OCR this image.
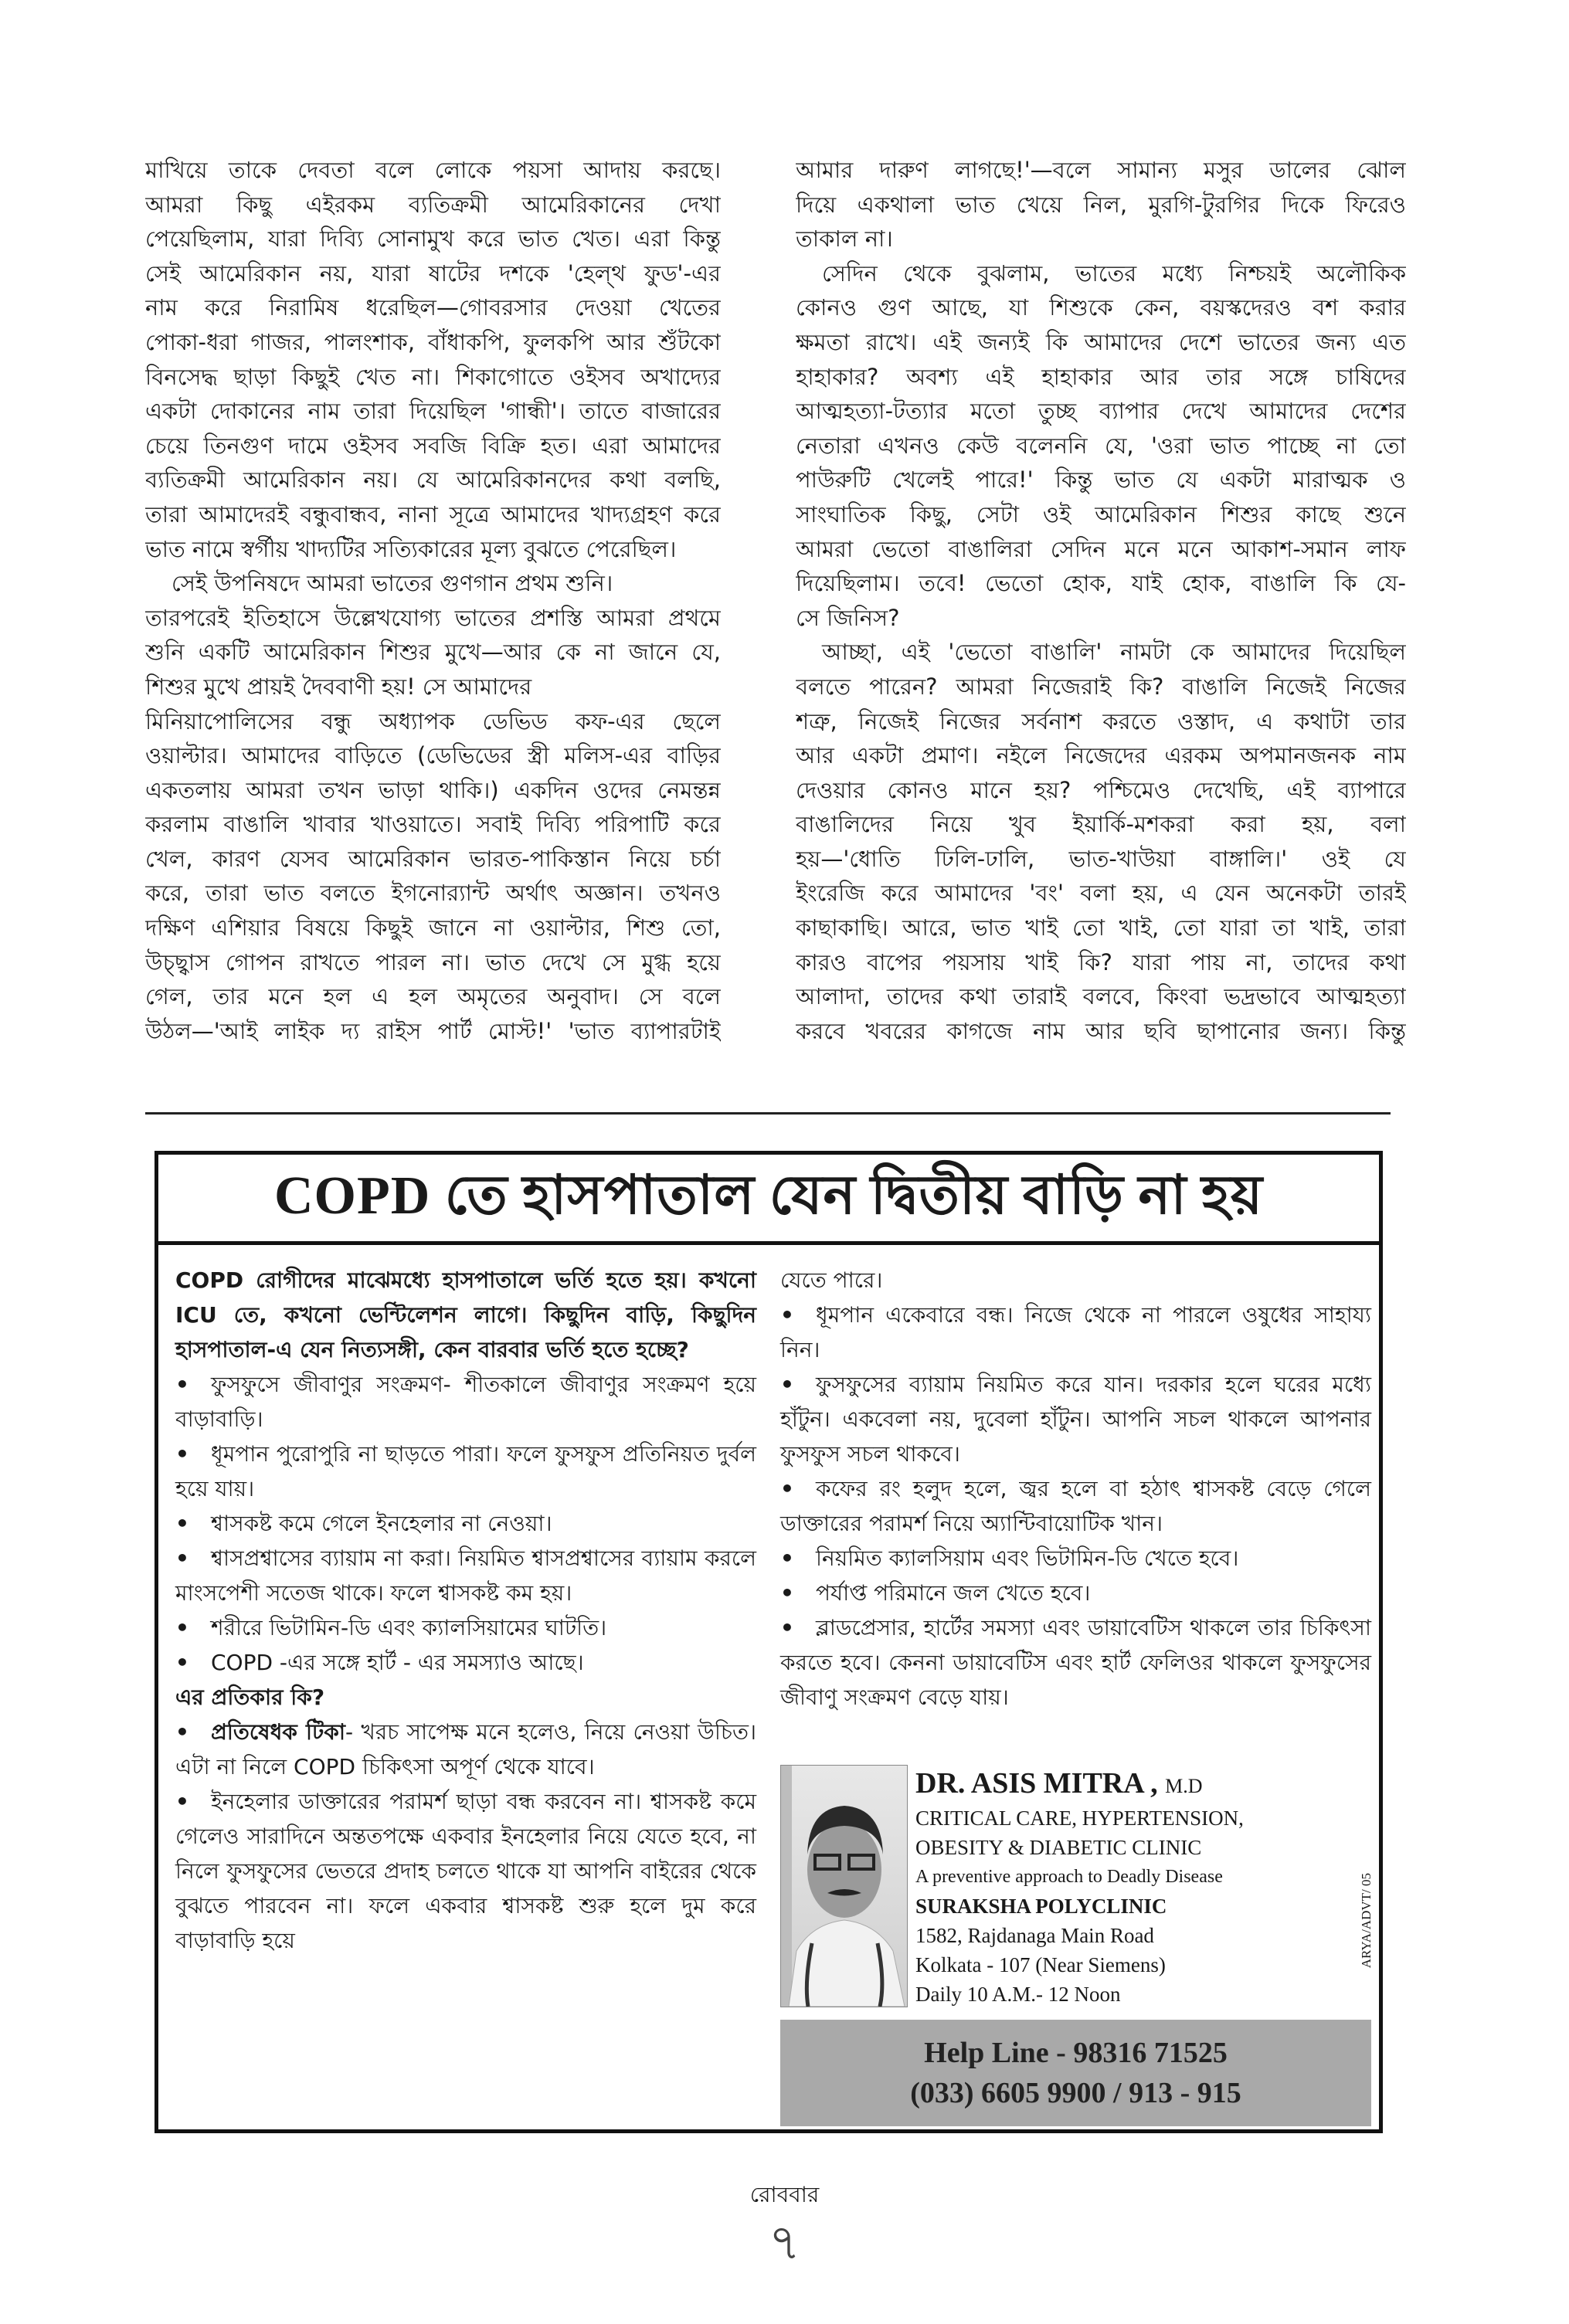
মাখিয়ে তাকে দেবতা বলে লোকে পয়সা আদায় করছে।
আমরা কিছু এইরকম ব্যতিক্রমী আমেরিকানের দেখা
পেয়েছিলাম, যারা দিব্যি সোনামুখ করে ভাত খেত। এরা কিন্তু
সেই আমেরিকান নয়, যারা ষাটের দশকে 'হেল্‌থ ফুড'-এর
নাম করে নিরামিষ ধরেছিল—গোবরসার দেওয়া খেতের
পোকা-ধরা গাজর, পালংশাক, বাঁধাকপি, ফুলকপি আর শুঁটকো
বিনসেদ্ধ ছাড়া কিছুই খেত না। শিকাগোতে ওইসব অখাদ্যের
একটা দোকানের নাম তারা দিয়েছিল 'গান্ধী'। তাতে বাজারের
চেয়ে তিনগুণ দামে ওইসব সবজি বিক্রি হত। এরা আমাদের
ব্যতিক্রমী আমেরিকান নয়। যে আমেরিকানদের কথা বলছি,
তারা আমাদেরই বন্ধুবান্ধব, নানা সূত্রে আমাদের খাদ্যগ্রহণ করে
ভাত নামে স্বর্গীয় খাদ্যটির সত্যিকারের মূল্য বুঝতে পেরেছিল।
সেই উপনিষদে আমরা ভাতের গুণগান প্রথম শুনি।
তারপরেই ইতিহাসে উল্লেখযোগ্য ভাতের প্রশস্তি আমরা প্রথমে
শুনি একটি আমেরিকান শিশুর মুখে—আর কে না জানে যে,
শিশুর মুখে প্রায়ই দৈববাণী হয়! সে আমাদের
মিনিয়াপোলিসের বন্ধু অধ্যাপক ডেভিড কফ-এর ছেলে
ওয়াল্টার। আমাদের বাড়িতে (ডেভিডের স্ত্রী মলিস-এর বাড়ির
একতলায় আমরা তখন ভাড়া থাকি।) একদিন ওদের নেমন্তন্ন
করলাম বাঙালি খাবার খাওয়াতে। সবাই দিব্যি পরিপাটি করে
খেল, কারণ যেসব আমেরিকান ভারত-পাকিস্তান নিয়ে চর্চা
করে, তারা ভাত বলতে ইগনোর‍্যান্ট অর্থাৎ অজ্ঞান। তখনও
দক্ষিণ এশিয়ার বিষয়ে কিছুই জানে না ওয়াল্টার, শিশু তো,
উচ্ছ্বাস গোপন রাখতে পারল না। ভাত দেখে সে মুগ্ধ হয়ে
গেল, তার মনে হল এ হল অমৃতের অনুবাদ। সে বলে
উঠল—'আই লাইক দ্য রাইস পার্ট মোস্ট!' 'ভাত ব্যাপারটাই
আমার দারুণ লাগছে!'—বলে সামান্য মসুর ডালের ঝোল
দিয়ে একথালা ভাত খেয়ে নিল, মুরগি-টুরগির দিকে ফিরেও
তাকাল না।
সেদিন থেকে বুঝলাম, ভাতের মধ্যে নিশ্চয়ই অলৌকিক
কোনও গুণ আছে, যা শিশুকে কেন, বয়স্কদেরও বশ করার
ক্ষমতা রাখে। এই জন্যই কি আমাদের দেশে ভাতের জন্য এত
হাহাকার? অবশ্য এই হাহাকার আর তার সঙ্গে চাষিদের
আত্মহত্যা-টত্যার মতো তুচ্ছ ব্যাপার দেখে আমাদের দেশের
নেতারা এখনও কেউ বলেননি যে, 'ওরা ভাত পাচ্ছে না তো
পাউরুটি খেলেই পারে!' কিন্তু ভাত যে একটা মারাত্মক ও
সাংঘাতিক কিছু, সেটা ওই আমেরিকান শিশুর কাছে শুনে
আমরা ভেতো বাঙালিরা সেদিন মনে মনে আকাশ-সমান লাফ
দিয়েছিলাম। তবে! ভেতো হোক, যাই হোক, বাঙালি কি যে-
সে জিনিস?
আচ্ছা, এই 'ভেতো বাঙালি' নামটা কে আমাদের দিয়েছিল
বলতে পারেন? আমরা নিজেরাই কি? বাঙালি নিজেই নিজের
শত্রু, নিজেই নিজের সর্বনাশ করতে ওস্তাদ, এ কথাটা তার
আর একটা প্রমাণ। নইলে নিজেদের এরকম অপমানজনক নাম
দেওয়ার কোনও মানে হয়? পশ্চিমেও দেখেছি, এই ব্যাপারে
বাঙালিদের নিয়ে খুব ইয়ার্কি-মশকরা করা হয়, বলা
হয়—'ধোতি ঢিলি-ঢালি, ভাত-খাউয়া বাঙ্গালি।' ওই যে
ইংরেজি করে আমাদের 'বং' বলা হয়, এ যেন অনেকটা তারই
কাছাকাছি। আরে, ভাত খাই তো খাই, তো যারা তা খাই, তারা
কারও বাপের পয়সায় খাই কি? যারা পায় না, তাদের কথা
আলাদা, তাদের কথা তারাই বলবে, কিংবা ভদ্রভাবে আত্মহত্যা
করবে খবরের কাগজে নাম আর ছবি ছাপানোর জন্য। কিন্তু
COPD তে হাসপাতাল যেন দ্বিতীয় বাড়ি না হয়

COPD রোগীদের মাঝেমধ্যে হাসপাতালে ভর্তি হতে হয়। কখনো ICU তে, কখনো ভেন্টিলেশন লাগে। কিছুদিন বাড়ি, কিছুদিন হাসপাতাল-এ যেন নিত্যসঙ্গী, কেন বারবার ভর্তি হতে হচ্ছে?

• ফুসফুসে জীবাণুর সংক্রমণ- শীতকালে জীবাণুর সংক্রমণ হয়ে বাড়াবাড়ি।

• ধূমপান পুরোপুরি না ছাড়তে পারা। ফলে ফুসফুস প্রতিনিয়ত দুর্বল হয়ে যায়।

• শ্বাসকষ্ট কমে গেলে ইনহেলার না নেওয়া।

• শ্বাসপ্রশ্বাসের ব্যায়াম না করা। নিয়মিত শ্বাসপ্রশ্বাসের ব্যায়াম করলে মাংসপেশী সতেজ থাকে। ফলে শ্বাসকষ্ট কম হয়।

• শরীরে ভিটামিন-ডি এবং ক্যালসিয়ামের ঘাটতি।

• COPD -এর সঙ্গে হার্ট - এর সমস্যাও আছে।

এর প্রতিকার কি?

• প্রতিষেধক টিকা- খরচ সাপেক্ষ মনে হলেও, নিয়ে নেওয়া উচিত। এটা না নিলে COPD চিকিৎসা অপূর্ণ থেকে যাবে।

• ইনহেলার ডাক্তারের পরামর্শ ছাড়া বন্ধ করবেন না। শ্বাসকষ্ট কমে গেলেও সারাদিনে অন্ততপক্ষে একবার ইনহেলার নিয়ে যেতে হবে, না নিলে ফুসফুসের ভেতরে প্রদাহ চলতে থাকে যা আপনি বাইরের থেকে বুঝতে পারবেন না। ফলে একবার শ্বাসকষ্ট শুরু হলে দুম করে বাড়াবাড়ি হয়ে

যেতে পারে।

• ধূমপান একেবারে বন্ধ। নিজে থেকে না পারলে ওষুধের সাহায্য নিন।

• ফুসফুসের ব্যায়াম নিয়মিত করে যান। দরকার হলে ঘরের মধ্যে হাঁটুন। একবেলা নয়, দুবেলা হাঁটুন। আপনি সচল থাকলে আপনার ফুসফুস সচল থাকবে।

• কফের রং হলুদ হলে, জ্বর হলে বা হঠাৎ শ্বাসকষ্ট বেড়ে গেলে ডাক্তারের পরামর্শ নিয়ে অ্যান্টিবায়োটিক খান।

• নিয়মিত ক্যালসিয়াম এবং ভিটামিন-ডি খেতে হবে।

• পর্যাপ্ত পরিমানে জল খেতে হবে।

• ব্লাডপ্রেসার, হার্টের সমস্যা এবং ডায়াবেটিস থাকলে তার চিকিৎসা করতে হবে। কেননা ডায়াবেটিস এবং হার্ট ফেলিওর থাকলে ফুসফুসের জীবাণু সংক্রমণ বেড়ে যায়।

DR. ASIS MITRA , M.D
CRITICAL CARE, HYPERTENSION,
OBESITY & DIABETIC CLINIC
A preventive approach to Deadly Disease
SURAKSHA POLYCLINIC
1582, Rajdanaga Main Road
Kolkata - 107 (Near Siemens)
Daily 10 A.M.- 12 Noon
ARYA/ADVT/ 05
Help Line - 98316 71525
(033) 6605 9900 / 913 - 915
রোববার
৭
